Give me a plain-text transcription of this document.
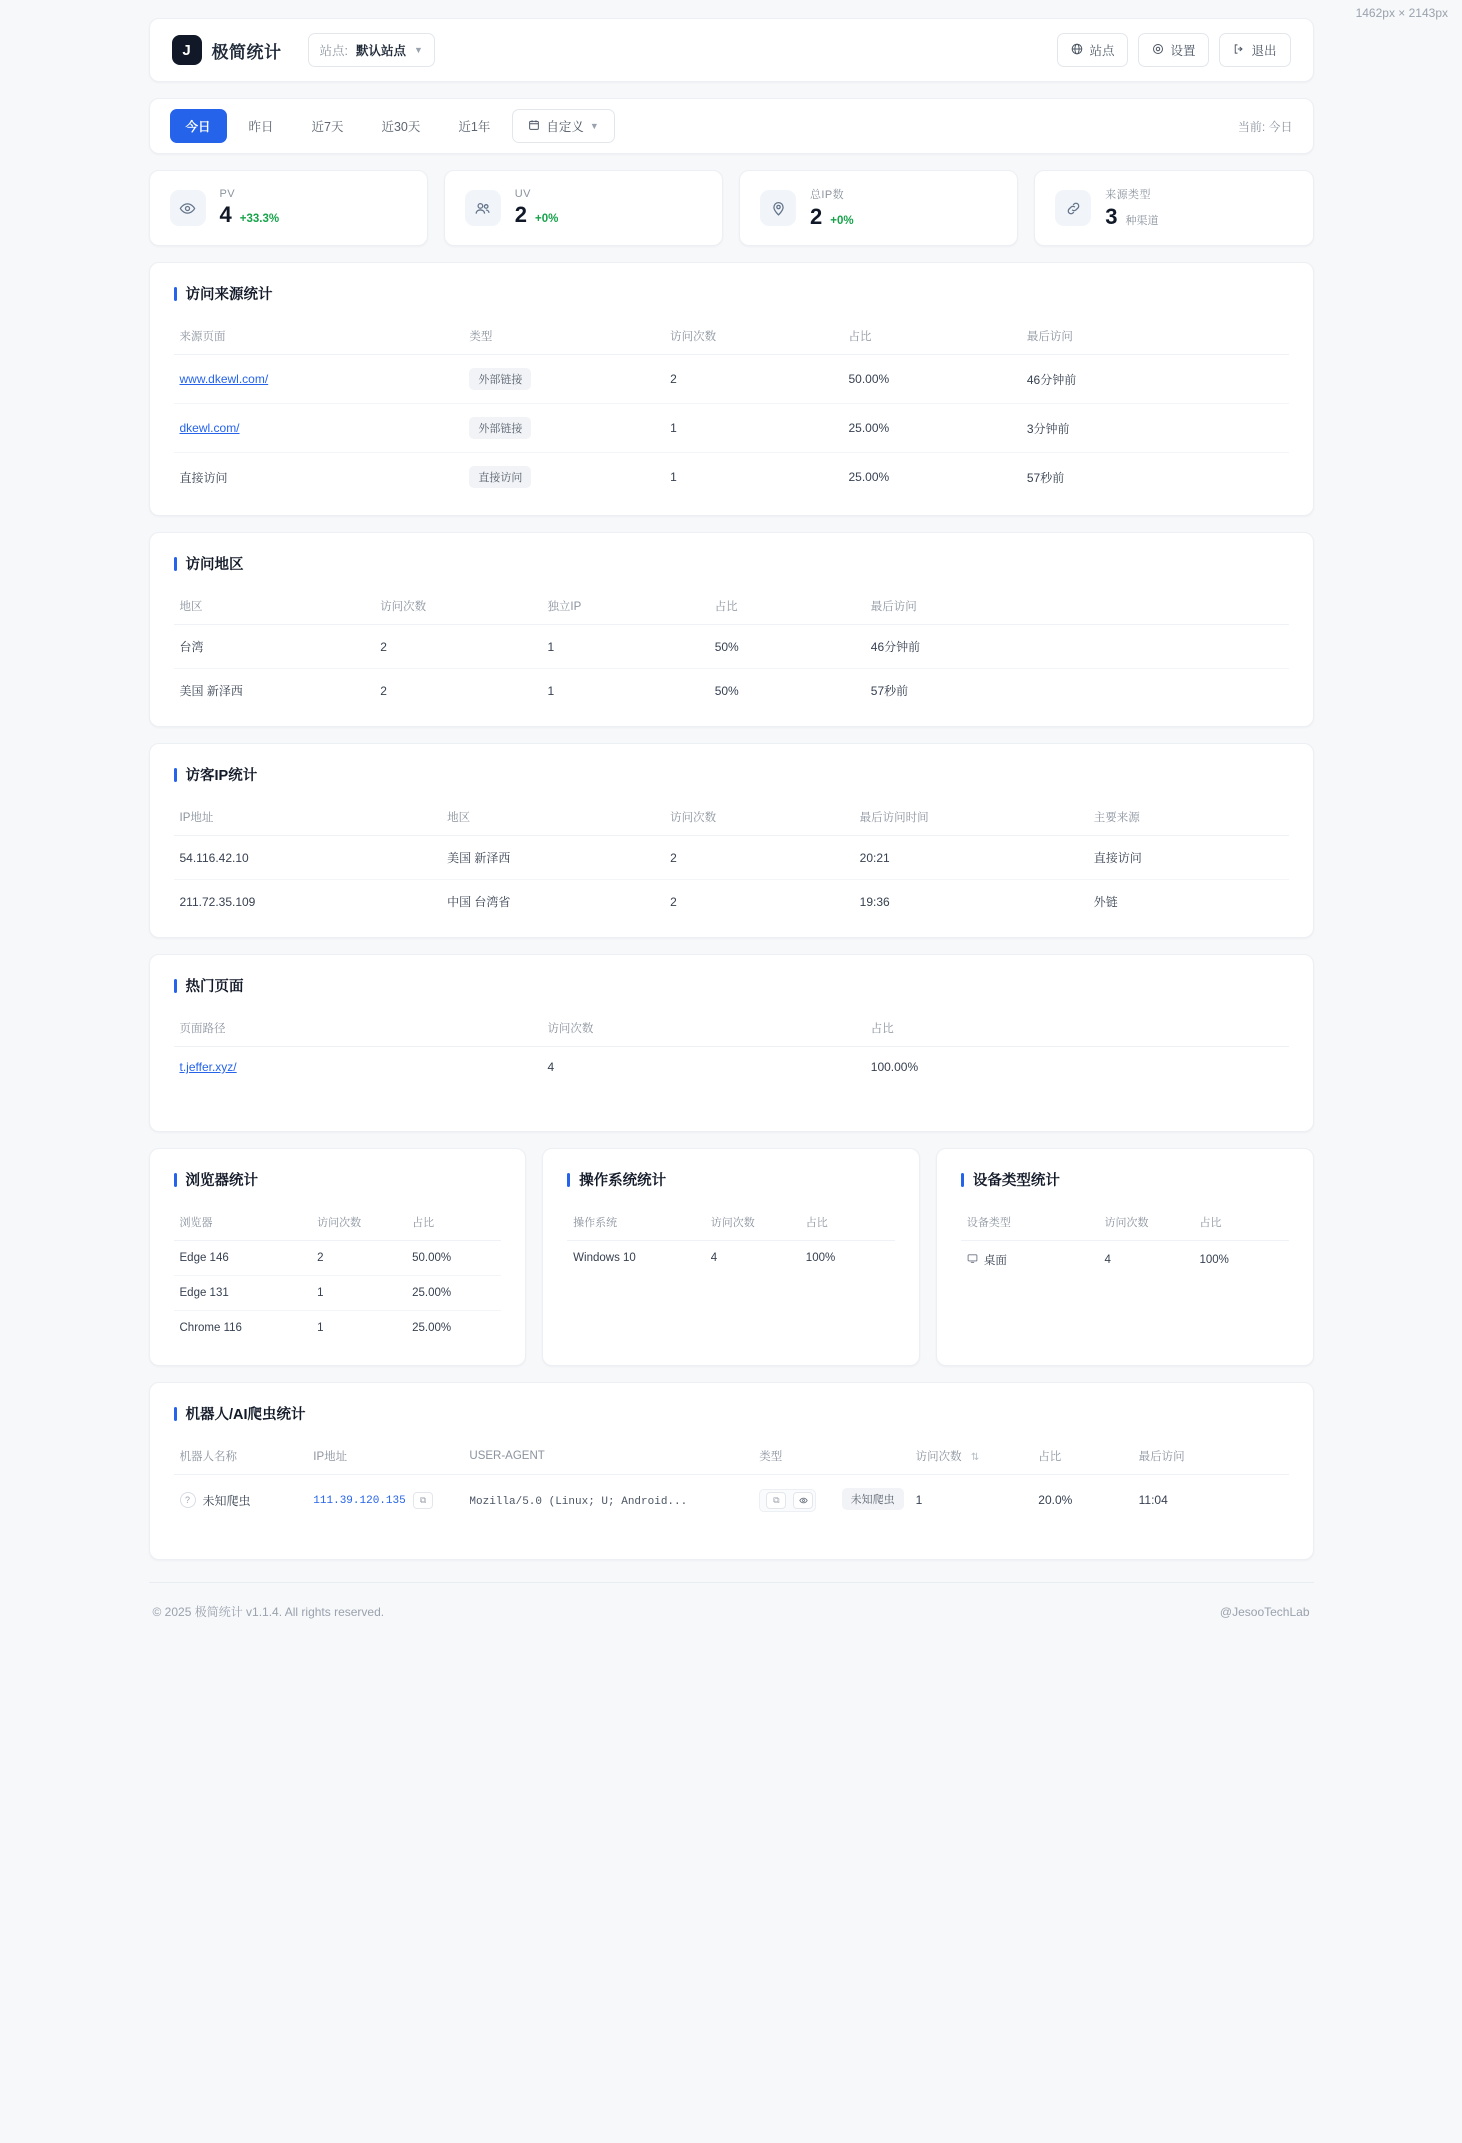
1462px × 2143px
J	极简统计	站点: 默认站点 ▼	站点	设置	退出
今日	昨日	近7天	近30天	近1年	自定义 ▼	当前: 今日
PV
4 +33.3%
UV
2 +0%
总IP数
2 +0%
来源类型
3 种渠道
访问来源统计
来源页面	类型	访问次数	占比	最后访问
www.dkewl.com/	外部链接	2	50.00%	46分钟前
dkewl.com/	外部链接	1	25.00%	3分钟前
直接访问	直接访问	1	25.00%	57秒前
访问地区
地区	访问次数	独立IP	占比	最后访问
台湾	2	1	50%	46分钟前
美国 新泽西	2	1	50%	57秒前
访客IP统计
IP地址	地区	访问次数	最后访问时间	主要来源
54.116.42.10	美国 新泽西	2	20:21	直接访问
211.72.35.109	中国 台湾省	2	19:36	外链
热门页面
页面路径	访问次数	占比
t.jeffer.xyz/	4	100.00%
浏览器统计
浏览器	访问次数	占比
Edge 146	2	50.00%
Edge 131	1	25.00%
Chrome 116	1	25.00%
操作系统统计
操作系统	访问次数	占比
Windows 10	4	100%
设备类型统计
设备类型	访问次数	占比

桌面	4	100%
机器人/AI爬虫统计
机器人名称	IP地址	USER-AGENT	类型	访问次数 ⇅	占比	最后访问

? 未知爬虫	111.39.120.135 ⧉	Mozilla/5.0 (Linux; U; Android...	⧉ 未知爬虫	1	20.0%	11:04
© 2025 极简统计 v1.1.4. All rights reserved.	@JesooTechLab
